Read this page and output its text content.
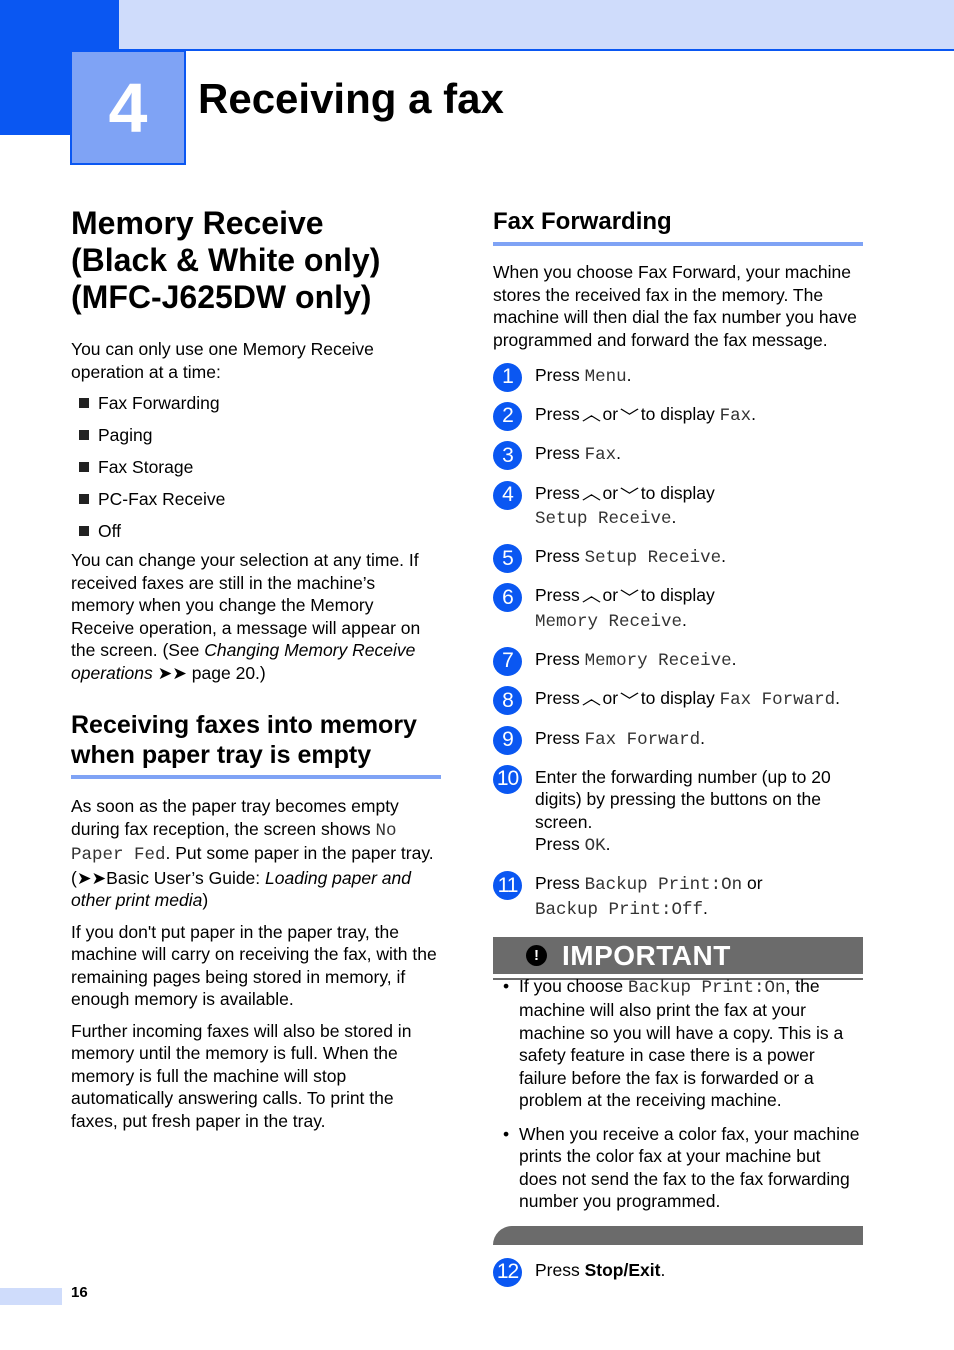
4 Receiving a fax
Memory Receive
(Black & White only)
(MFC-J625DW only)

You can only use one Memory Receive operation at a time:

Fax Forwarding
Paging
Fax Storage
PC-Fax Receive
Off

You can change your selection at any time. If received faxes are still in the machine’s memory when you change the Memory Receive operation, a message will appear on the screen. (See Changing Memory Receive operations ➤➤ page 20.)

Receiving faxes into memory when paper tray is empty

As soon as the paper tray becomes empty during fax reception, the screen shows No Paper Fed. Put some paper in the paper tray. (➤➤Basic User’s Guide: Loading paper and other print media)

If you don't put paper in the paper tray, the machine will carry on receiving the fax, with the remaining pages being stored in memory, if enough memory is available.

Further incoming faxes will also be stored in memory until the memory is full. When the memory is full the machine will stop automatically answering calls. To print the faxes, put fresh paper in the tray.

Fax Forwarding

When you choose Fax Forward, your machine stores the received fax in the memory. The machine will then dial the fax number you have programmed and forward the fax message.

1	Press Menu.
2	Press ︿ or ﹀ to display Fax.
3	Press Fax.
4	Press ︿ or ﹀ to display
Setup Receive.
5	Press Setup Receive.
6	Press ︿ or ﹀ to display
Memory Receive.
7	Press Memory Receive.
8	Press ︿ or ﹀ to display Fax Forward.
9	Press Fax Forward.
10 Enter the forwarding number (up to 20 digits) by pressing the buttons on the screen.
Press OK.
11 Press Backup Print:On or
Backup Print:Off.
! IMPORTANT
• If you choose Backup Print:On, the machine will also print the fax at your machine so you will have a copy. This is a safety feature in case there is a power failure before the fax is forwarded or a problem at the receiving machine.
• When you receive a color fax, your machine prints the color fax at your machine but does not send the fax to the fax forwarding number you programmed.
12 Press Stop/Exit.
16
